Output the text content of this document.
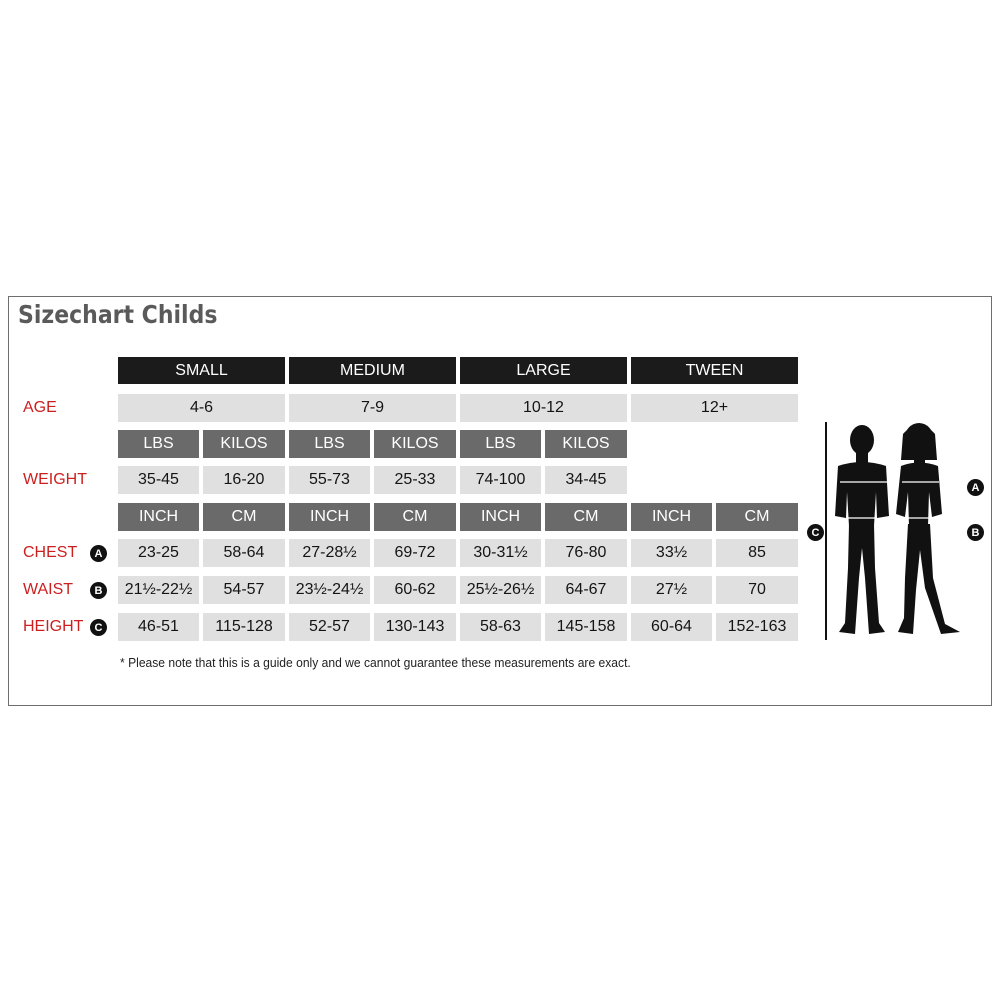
Sizechart Childs
SMALL	MEDIUM	LARGE	TWEEN
AGE	4-6	7-9	10-12	12+
LBS	KILOS	LBS	KILOS	LBS	KILOS
WEIGHT	35-45	16-20	55-73	25-33	74-100	34-45
INCH	CM	INCH	CM	INCH	CM	INCH	CM
CHEST	A	23-25	58-64	27-28½	69-72	30-31½	76-80	33½	85
WAIST	B	21½-22½	54-57	23½-24½	60-62	25½-26½	64-67	27½	70
HEIGHT	C	46-51	115-128	52-57	130-143	58-63	145-158	60-64	152-163
* Please note that this is a guide only and we cannot guarantee these measurements are exact.
A
B
C
